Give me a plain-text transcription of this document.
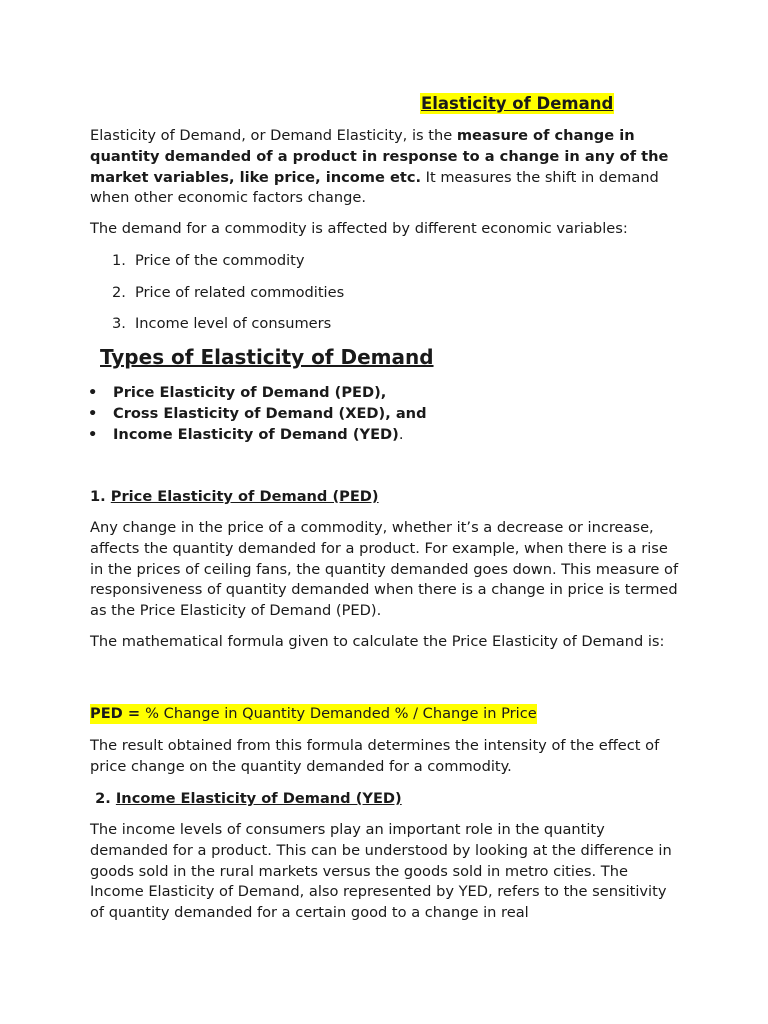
Elasticity of Demand

Elasticity of Demand, or Demand Elasticity, is the measure of change in quantity demanded of a product in response to a change in any of the market variables, like price, income etc. It measures the shift in demand when other economic factors change.

The demand for a commodity is affected by different economic variables:

1. Price of the commodity
2. Price of related commodities
3. Income level of consumers
Types of Elasticity of Demand
• Price Elasticity of Demand (PED),
• Cross Elasticity of Demand (XED), and
• Income Elasticity of Demand (YED).
1. Price Elasticity of Demand (PED)

Any change in the price of a commodity, whether it’s a decrease or increase, affects the quantity demanded for a product. For example, when there is a rise in the prices of ceiling fans, the quantity demanded goes down. This measure of responsiveness of quantity demanded when there is a change in price is termed as the Price Elasticity of Demand (PED).

The mathematical formula given to calculate the Price Elasticity of Demand is:

PED = % Change in Quantity Demanded % / Change in Price

The result obtained from this formula determines the intensity of the effect of price change on the quantity demanded for a commodity.

2. Income Elasticity of Demand (YED)

The income levels of consumers play an important role in the quantity demanded for a product. This can be understood by looking at the difference in goods sold in the rural markets versus the goods sold in metro cities. The Income Elasticity of Demand, also represented by YED, refers to the sensitivity of quantity demanded for a certain good to a change in real
